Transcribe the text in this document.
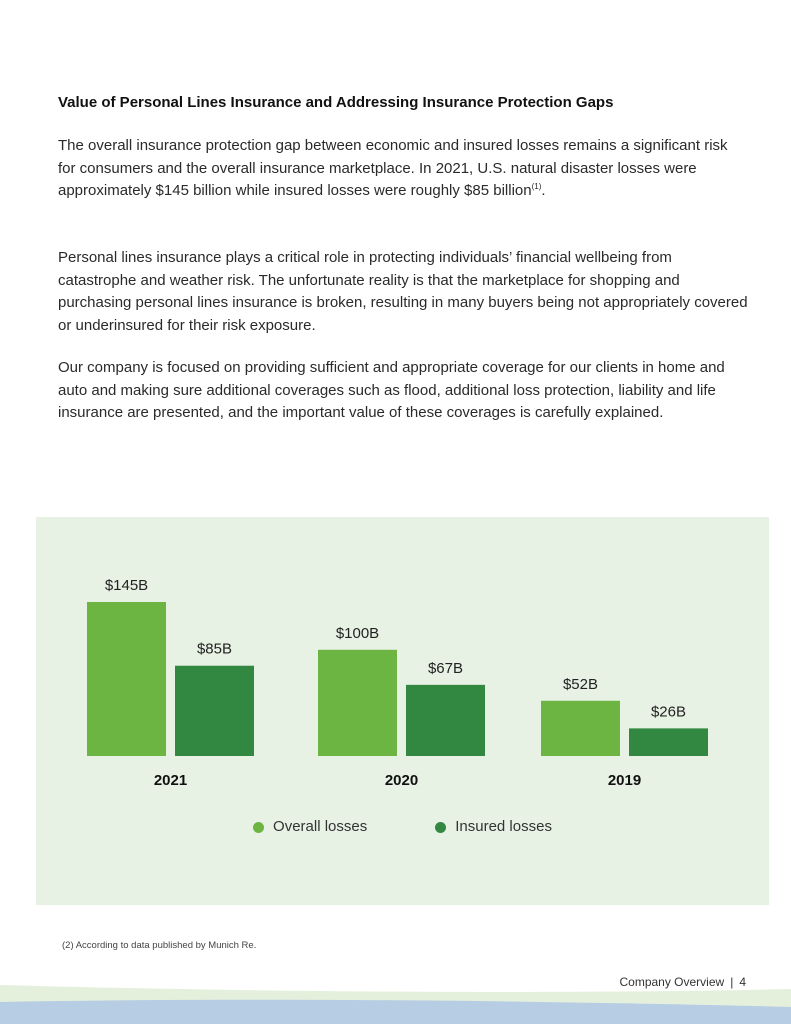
Value of Personal Lines Insurance and Addressing Insurance Protection Gaps

The overall insurance protection gap between economic and insured losses remains a significant risk for consumers and the overall insurance marketplace. In 2021, U.S. natural disaster losses were approximately $145 billion while insured losses were roughly $85 billion$^{(1)}$.

Personal lines insurance plays a critical role in protecting individuals’ financial wellbeing from catastrophe and weather risk. The unfortunate reality is that the marketplace for shopping and purchasing personal lines insurance is broken, resulting in many buyers being not appropriately covered or underinsured for their risk exposure.

Our company is focused on providing sufficient and appropriate coverage for our clients in home and auto and making sure additional coverages such as flood, additional loss protection, liability and life insurance are presented, and the important value of these coverages is carefully explained.

$145B
$85B
2021
$100B
$67B
2020
$52B
$26B
2019
Overall losses	Insured losses
(2) According to data published by Munich Re.
Company Overview | 4
